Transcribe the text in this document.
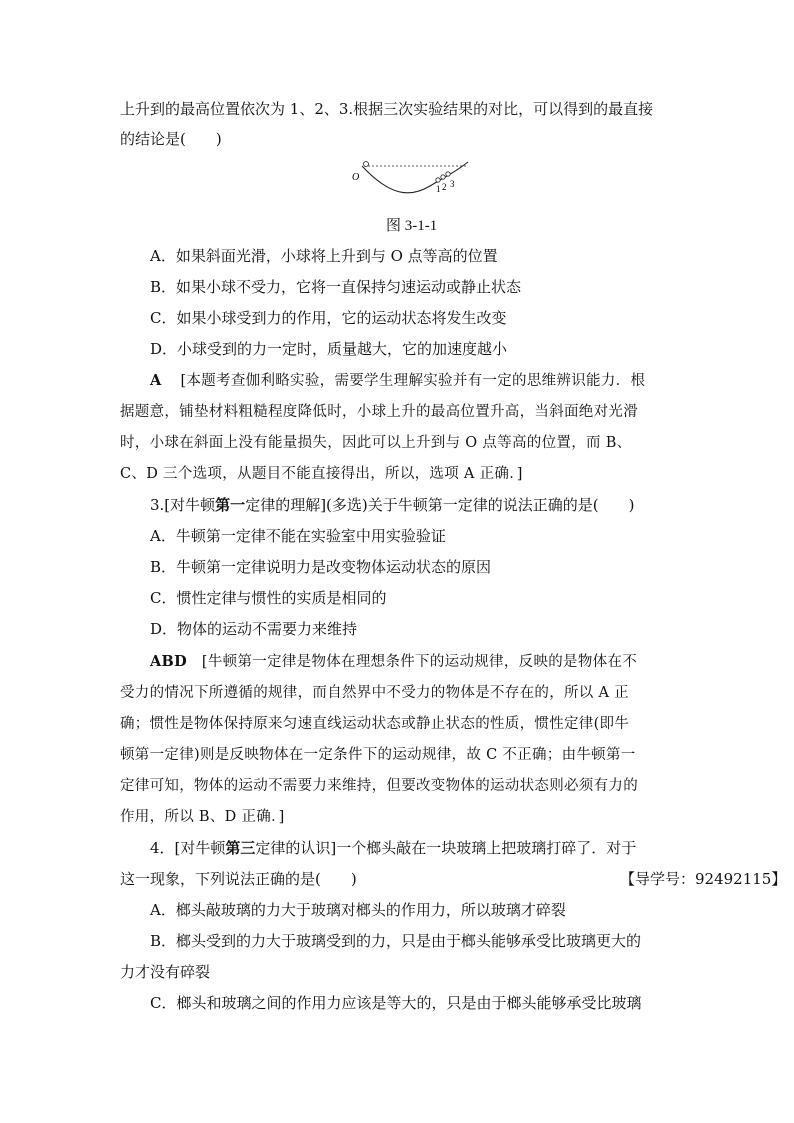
上升到的最高位置依次为 1、2、3.根据三次实验结果的对比，可以得到的最直接
的结论是(　　)
O
1 2 3
图 3-1-1
A．如果斜面光滑，小球将上升到与 O 点等高的位置
B．如果小球不受力，它将一直保持匀速运动或静止状态
C．如果小球受到力的作用，它的运动状态将发生改变
D．小球受到的力一定时，质量越大，它的加速度越小
A [本题考查伽利略实验，需要学生理解实验并有一定的思维辨识能力．根
据题意，铺垫材料粗糙程度降低时，小球上升的最高位置升高，当斜面绝对光滑
时，小球在斜面上没有能量损失，因此可以上升到与 O 点等高的位置，而 B、
C、D 三个选项，从题目不能直接得出，所以，选项 A 正确．]
3.[对牛顿第一定律的理解](多选)关于牛顿第一定律的说法正确的是(　　)
A．牛顿第一定律不能在实验室中用实验验证
B．牛顿第一定律说明力是改变物体运动状态的原因
C．惯性定律与惯性的实质是相同的
D．物体的运动不需要力来维持
ABD [牛顿第一定律是物体在理想条件下的运动规律，反映的是物体在不
受力的情况下所遵循的规律，而自然界中不受力的物体是不存在的，所以 A 正
确；惯性是物体保持原来匀速直线运动状态或静止状态的性质，惯性定律(即牛
顿第一定律)则是反映物体在一定条件下的运动规律，故 C 不正确；由牛顿第一
定律可知，物体的运动不需要力来维持，但要改变物体的运动状态则必须有力的
作用，所以 B、D 正确．]
4．[对牛顿第三定律的认识]一个榔头敲在一块玻璃上把玻璃打碎了．对于
这一现象，下列说法正确的是(　　)	【导学号：92492115】
A．榔头敲玻璃的力大于玻璃对榔头的作用力，所以玻璃才碎裂
B．榔头受到的力大于玻璃受到的力，只是由于榔头能够承受比玻璃更大的
力才没有碎裂
C．榔头和玻璃之间的作用力应该是等大的，只是由于榔头能够承受比玻璃
